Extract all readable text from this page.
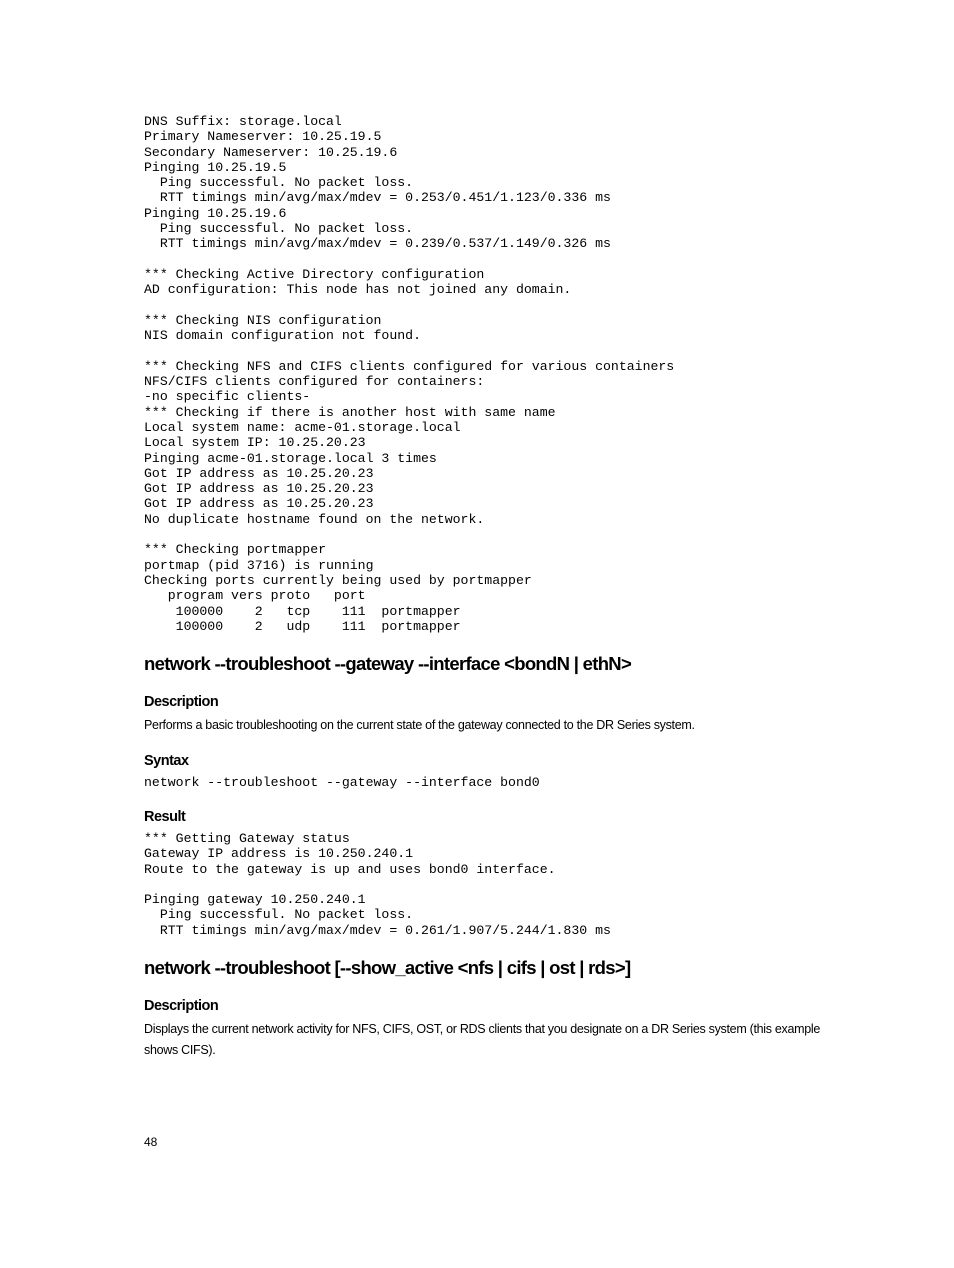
DNS Suffix: storage.local
Primary Nameserver: 10.25.19.5
Secondary Nameserver: 10.25.19.6
Pinging 10.25.19.5
Ping successful. No packet loss.
RTT timings min/avg/max/mdev = 0.253/0.451/1.123/0.336 ms
Pinging 10.25.19.6
Ping successful. No packet loss.
RTT timings min/avg/max/mdev = 0.239/0.537/1.149/0.326 ms

*** Checking Active Directory configuration
AD configuration: This node has not joined any domain.

*** Checking NIS configuration
NIS domain configuration not found.

*** Checking NFS and CIFS clients configured for various containers
NFS/CIFS clients configured for containers:
-no specific clients-
*** Checking if there is another host with same name
Local system name: acme-01.storage.local
Local system IP: 10.25.20.23
Pinging acme-01.storage.local 3 times
Got IP address as 10.25.20.23
Got IP address as 10.25.20.23
Got IP address as 10.25.20.23
No duplicate hostname found on the network.

*** Checking portmapper
portmap (pid 3716) is running
Checking ports currently being used by portmapper
program vers proto   port
100000    2   tcp    111  portmapper
100000    2   udp    111  portmapper
network --troubleshoot --gateway --interface <bondN | ethN>
Description

Performs a basic troubleshooting on the current state of the gateway connected to the DR Series system.

Syntax
network --troubleshoot --gateway --interface bond0
Result
*** Getting Gateway status
Gateway IP address is 10.250.240.1
Route to the gateway is up and uses bond0 interface.

Pinging gateway 10.250.240.1
Ping successful. No packet loss.
RTT timings min/avg/max/mdev = 0.261/1.907/5.244/1.830 ms
network --troubleshoot [--show_active <nfs | cifs | ost | rds>]
Description

Displays the current network activity for NFS, CIFS, OST, or RDS clients that you designate on a DR Series system (this example shows CIFS).

48
